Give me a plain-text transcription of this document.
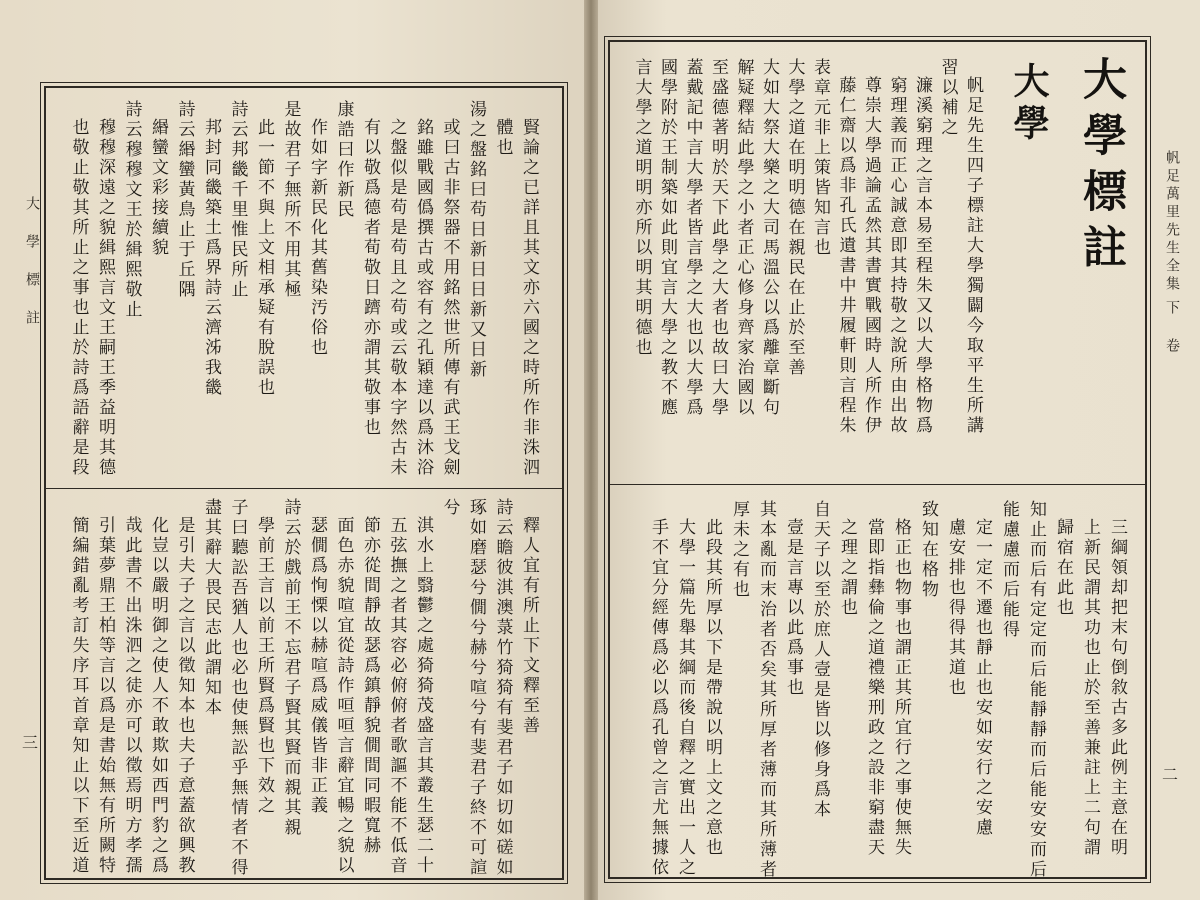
大 學 標 註
三
帆足萬里先生全集
下 卷
二
大學標註
大學
帆足先生四子標註大學獨闢今取平生所講
習以補之
濂溪窮理之言本易至程朱又以大學格物爲
窮理義而正心誠意即其持敬之說所由出故
尊崇大學過論孟然其書實戰國時人所作伊
藤仁齋以爲非孔氏遺書中井履軒則言程朱
表章元非上策皆知言也
大學之道在明明德在親民在止於至善
大如大祭大樂之大司馬溫公以爲離章斷句
解疑釋結此學之小者正心修身齊家治國以
至盛德著明於天下此學之大者也故曰大學
蓋戴記中言大學者皆言學之大也以大學爲
國學附於王制築如此則宜言大學之教不應
言大學之道明明亦所以明其明德也
三綱領却把末句倒敘古多此例主意在明
上新民謂其功也止於至善兼註上二句謂
歸宿在此也
知止而后有定定而后能靜靜而后能安安而后
能慮慮而后能得
定一定不遷也靜止也安如安行之安慮
慮安排也得得其道也
致知在格物
格正也物事也謂正其所宜行之事使無失
當即指彝倫之道禮樂刑政之設非窮盡天
之理之謂也
自天子以至於庶人壹是皆以修身爲本
壹是言專以此爲事也
其本亂而末治者否矣其所厚者薄而其所薄者
厚未之有也
此段其所厚以下是帶說以明上文之意也
大學一篇先舉其綱而後自釋之實出一人之
手不宜分經傳爲必以爲孔曾之言尤無據依
賢論之已詳且其文亦六國之時所作非洙泗
體也
湯之盤銘曰苟日新日日新又日新
或曰古非祭器不用銘然世所傳有武王戈劍
銘雖戰國僞撰古或容有之孔穎達以爲沐浴
之盤似是苟是苟且之苟或云敬本字然古未
有以敬爲德者荀敬日躋亦謂其敬事也
康誥曰作新民
作如字新民化其舊染汚俗也
是故君子無所不用其極
此一節不與上文相承疑有脫誤也
詩云邦畿千里惟民所止
邦封同畿築土爲界詩云濟泲我畿
詩云緡蠻黃鳥止于丘隅
緡蠻文彩接續貌
詩云穆穆文王於緝熙敬止
穆穆深遠之貌緝熙言文王嗣王季益明其德
也敬止敬其所止之事也止於詩爲語辭是段
釋人宜有所止下文釋至善
詩云瞻彼淇澳菉竹猗猗有斐君子如切如磋如
琢如磨瑟兮僩兮赫兮喧兮有斐君子終不可諠
兮
淇水上翳鬱之處猗猗茂盛言其叢生瑟二十
五弦撫之者其容必俯俯者歌謳不能不低音
節亦從間靜故瑟爲鎮靜貌僩間同暇寬赫
面色赤貌喧宜從詩作咺咺言辭宜暢之貌以
瑟僩爲恂慄以赫喧爲威儀皆非正義
詩云於戲前王不忘君子賢其賢而親其親
學前王言以前王所賢爲賢也下效之
子曰聽訟吾猶人也必也使無訟乎無情者不得
盡其辭大畏民志此謂知本
是引夫子之言以徵知本也夫子意蓋欲興教
化豈以嚴明御之使人不敢欺如西門豹之爲
哉此書不出洙泗之徒亦可以徵焉明方孝孺
引葉夢鼎王柏等言以爲是書始無有所闕特
簡編錯亂考訂失序耳首章知止以下至近道
